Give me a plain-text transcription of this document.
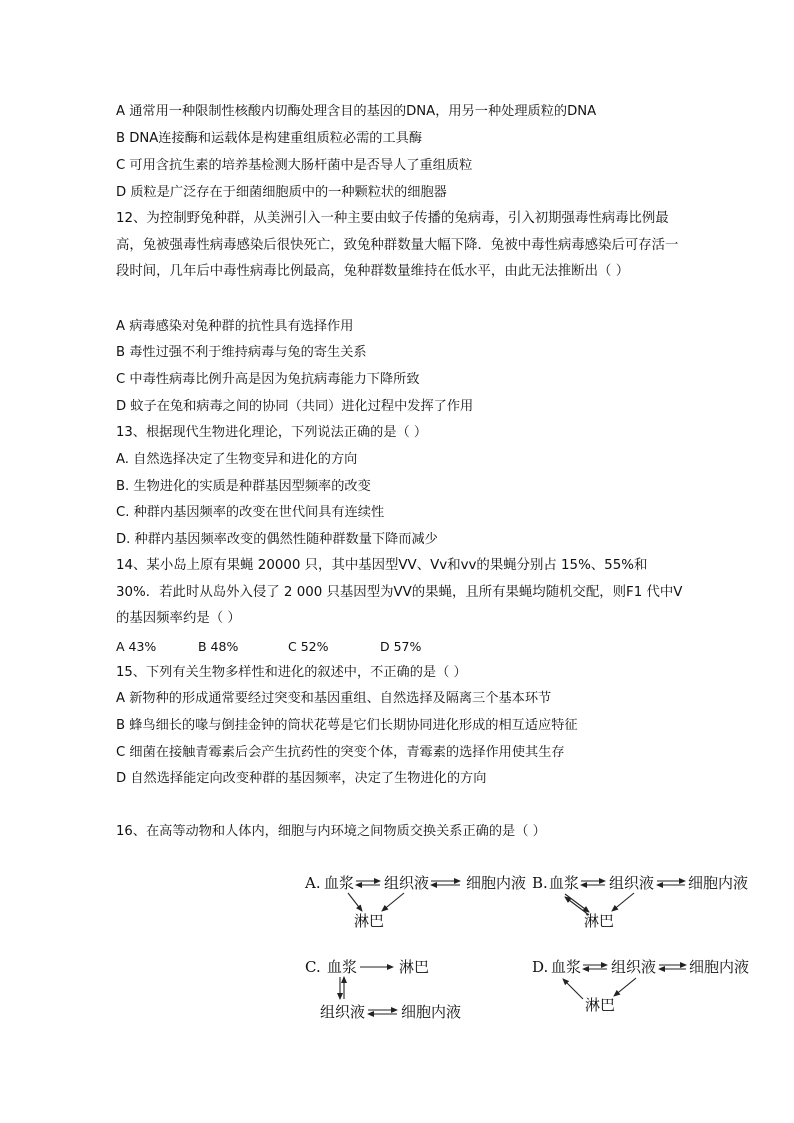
A 通常用一种限制性核酸内切酶处理含目的基因的DNA，用另一种处理质粒的DNA
B DNA连接酶和运载体是构建重组质粒必需的工具酶
C 可用含抗生素的培养基检测大肠杆菌中是否导人了重组质粒
D 质粒是广泛存在于细菌细胞质中的一种颗粒状的细胞器
12、为控制野兔种群，从美洲引入一种主要由蚊子传播的兔病毒，引入初期强毒性病毒比例最高，兔被强毒性病毒感染后很快死亡，致兔种群数量大幅下降．兔被中毒性病毒感染后可存活一段时间，几年后中毒性病毒比例最高，兔种群数量维持在低水平，由此无法推断出（ ）
A 病毒感染对兔种群的抗性具有选择作用
B 毒性过强不利于维持病毒与兔的寄生关系
C 中毒性病毒比例升高是因为兔抗病毒能力下降所致
D 蚊子在兔和病毒之间的协同（共同）进化过程中发挥了作用
13、根据现代生物进化理论，下列说法正确的是（ ）
A. 自然选择决定了生物变异和进化的方向
B. 生物进化的实质是种群基因型频率的改变
C. 种群内基因频率的改变在世代间具有连续性
D. 种群内基因频率改变的偶然性随种群数量下降而减少
14、某小岛上原有果蝇 20000 只，其中基因型VV、Vv和vv的果蝇分别占 15%、55%和 30%．若此时从岛外入侵了 2 000 只基因型为VV的果蝇，且所有果蝇均随机交配，则F1 代中V的基因频率约是（ ）
A 43%	B 48%	C 52%	D 57%
15、下列有关生物多样性和进化的叙述中，不正确的是（ ）
A 新物种的形成通常要经过突变和基因重组、自然选择及隔离三个基本环节
B 蜂鸟细长的喙与倒挂金钟的筒状花萼是它们长期协同进化形成的相互适应特征
C 细菌在接触青霉素后会产生抗药性的突变个体，青霉素的选择作用使其生存
D 自然选择能定向改变种群的基因频率，决定了生物进化的方向
16、在高等动物和人体内，细胞与内环境之间物质交换关系正确的是（ ）
A. 血浆 组织液 细胞内液
淋巴
B. 血浆 组织液 细胞内液
淋巴
C. 血浆	淋巴
组织液 细胞内液
D. 血浆 组织液 细胞内液
淋巴
